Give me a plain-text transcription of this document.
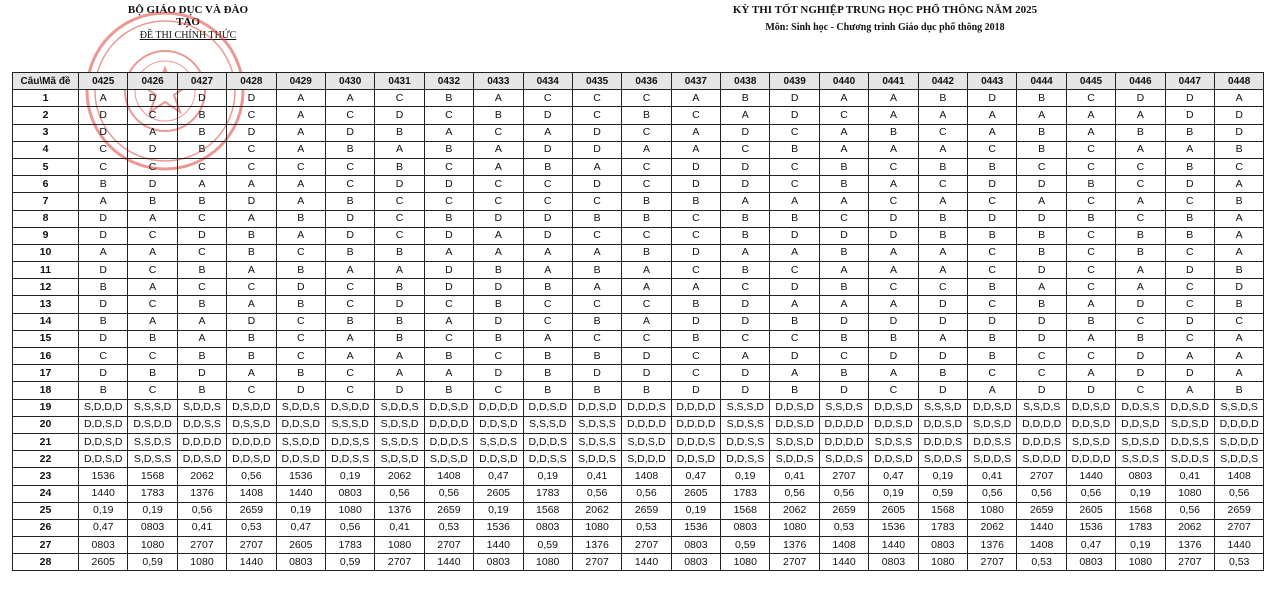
BỘ GIÁO DỤC VÀ ĐÀO TẠO
ĐỀ THI CHÍNH THỨC
KỲ THI TỐT NGHIỆP TRUNG HỌC PHỔ THÔNG NĂM 2025
Môn: Sinh học - Chương trình Giáo dục phổ thông 2018
Câu\Mã đề	0425	0426	0427	0428	0429	0430	0431	0432	0433	0434	0435	0436	0437	0438	0439	0440	0441	0442	0443	0444	0445	0446	0447	0448
1	A	D	D	D	A	A	C	B	A	C	C	C	A	B	D	A	A	B	D	B	C	D	D	A
2	D	C	B	C	A	C	D	C	B	D	C	B	C	A	D	C	A	A	A	A	A	A	D	D
3	D	A	B	D	A	D	B	A	C	A	D	C	A	D	C	A	B	C	A	B	A	B	B	D
4	C	D	B	C	A	B	A	B	A	D	D	A	A	C	B	A	A	A	C	B	C	A	A	B
5	C	C	C	C	C	C	B	C	A	B	A	C	D	D	C	B	C	B	B	C	C	C	B	C
6	B	D	A	A	A	C	D	D	C	C	D	C	D	D	C	B	A	C	D	D	B	C	D	A
7	A	B	B	D	A	B	C	C	C	C	C	B	B	A	A	A	C	A	C	A	C	A	C	B
8	D	A	C	A	B	D	C	B	D	D	B	B	C	B	B	C	D	B	D	D	B	C	B	A
9	D	C	D	B	A	D	C	D	A	D	C	C	C	B	D	D	D	B	B	B	C	B	B	A
10	A	A	C	B	C	B	B	A	A	A	A	B	D	A	A	B	A	A	C	B	C	B	C	A
11	D	C	B	A	B	A	A	D	B	A	B	A	C	B	C	A	A	A	C	D	C	A	D	B
12	B	A	C	C	D	C	B	D	D	B	A	A	A	C	D	B	C	C	B	A	C	A	C	D
13	D	C	B	A	B	C	D	C	B	C	C	C	B	D	A	A	A	D	C	B	A	D	C	B
14	B	A	A	D	C	B	B	A	D	C	B	A	D	D	B	D	D	D	D	D	B	C	D	C
15	D	B	A	B	C	A	B	C	B	A	C	C	B	C	C	B	B	A	B	D	A	B	C	A
16	C	C	B	B	C	A	A	B	C	B	B	D	C	A	D	C	D	D	B	C	C	D	A	A
17	D	B	D	A	B	C	A	A	D	B	D	D	C	D	A	B	A	B	C	C	A	D	D	A
18	B	C	B	C	D	C	D	B	C	B	B	B	D	D	B	D	C	D	A	D	D	C	A	B
19	S,D,D,D	S,S,S,D	S,D,D,S	D,S,D,D	S,D,D,S	D,S,D,D	S,D,D,S	D,D,S,D	D,D,D,D	D,D,S,D	D,D,S,D	D,D,D,S	D,D,D,D	S,S,S,D	D,D,S,D	S,S,D,S	D,D,S,D	S,S,S,D	D,D,S,D	S,S,D,S	D,D,S,D	D,D,S,S	D,D,S,D	S,S,D,S
20	D,D,S,D	D,S,D,D	D,D,S,S	D,S,S,D	D,D,S,D	S,S,S,D	S,D,S,D	D,D,D,D	D,D,S,D	S,S,S,D	S,D,S,S	D,D,D,D	D,D,D,D	S,D,S,S	D,D,S,D	D,D,D,D	D,D,S,D	D,D,S,D	S,D,S,D	D,D,D,D	D,D,S,D	D,D,S,D	S,D,S,D	D,D,D,D
21	D,D,S,D	S,S,D,S	D,D,D,D	D,D,D,D	S,S,D,D	D,D,S,S	S,S,D,S	D,D,D,S	S,S,D,S	D,D,D,S	S,D,S,S	S,D,S,D	D,D,D,S	D,D,S,S	S,D,S,D	D,D,D,D	S,D,S,S	D,D,D,S	D,D,S,S	D,D,D,S	S,D,S,D	S,D,S,D	D,D,S,S	S,D,D,D
22	D,D,S,D	S,D,S,S	D,D,S,D	D,D,S,D	D,D,S,D	D,D,S,S	S,D,S,D	S,D,S,D	D,D,S,D	D,D,S,S	S,D,D,S	S,D,D,D	D,D,S,D	D,D,S,S	S,D,D,S	S,D,D,S	D,D,S,D	S,D,D,S	S,D,D,S	S,D,D,D	D,D,D,D	S,S,D,S	S,D,D,S	S,D,D,S
23	1536	1568	2062	0,56	1536	0,19	2062	1408	0,47	0,19	0,41	1408	0,47	0,19	0,41	2707	0,47	0,19	0,41	2707	1440	0803	0,41	1408
24	1440	1783	1376	1408	1440	0803	0,56	0,56	2605	1783	0,56	0,56	2605	1783	0,56	0,56	0,19	0,59	0,56	0,56	0,56	0,19	1080	0,56
25	0,19	0,19	0,56	2659	0,19	1080	1376	2659	0,19	1568	2062	2659	0,19	1568	2062	2659	2605	1568	1080	2659	2605	1568	0,56	2659
26	0,47	0803	0,41	0,53	0,47	0,56	0,41	0,53	1536	0803	1080	0,53	1536	0803	1080	0,53	1536	1783	2062	1440	1536	1783	2062	2707
27	0803	1080	2707	2707	2605	1783	1080	2707	1440	0,59	1376	2707	0803	0,59	1376	1408	1440	0803	1376	1408	0,47	0,19	1376	1440
28	2605	0,59	1080	1440	0803	0,59	2707	1440	0803	1080	2707	1440	0803	1080	2707	1440	0803	1080	2707	0,53	0803	1080	2707	0,53
